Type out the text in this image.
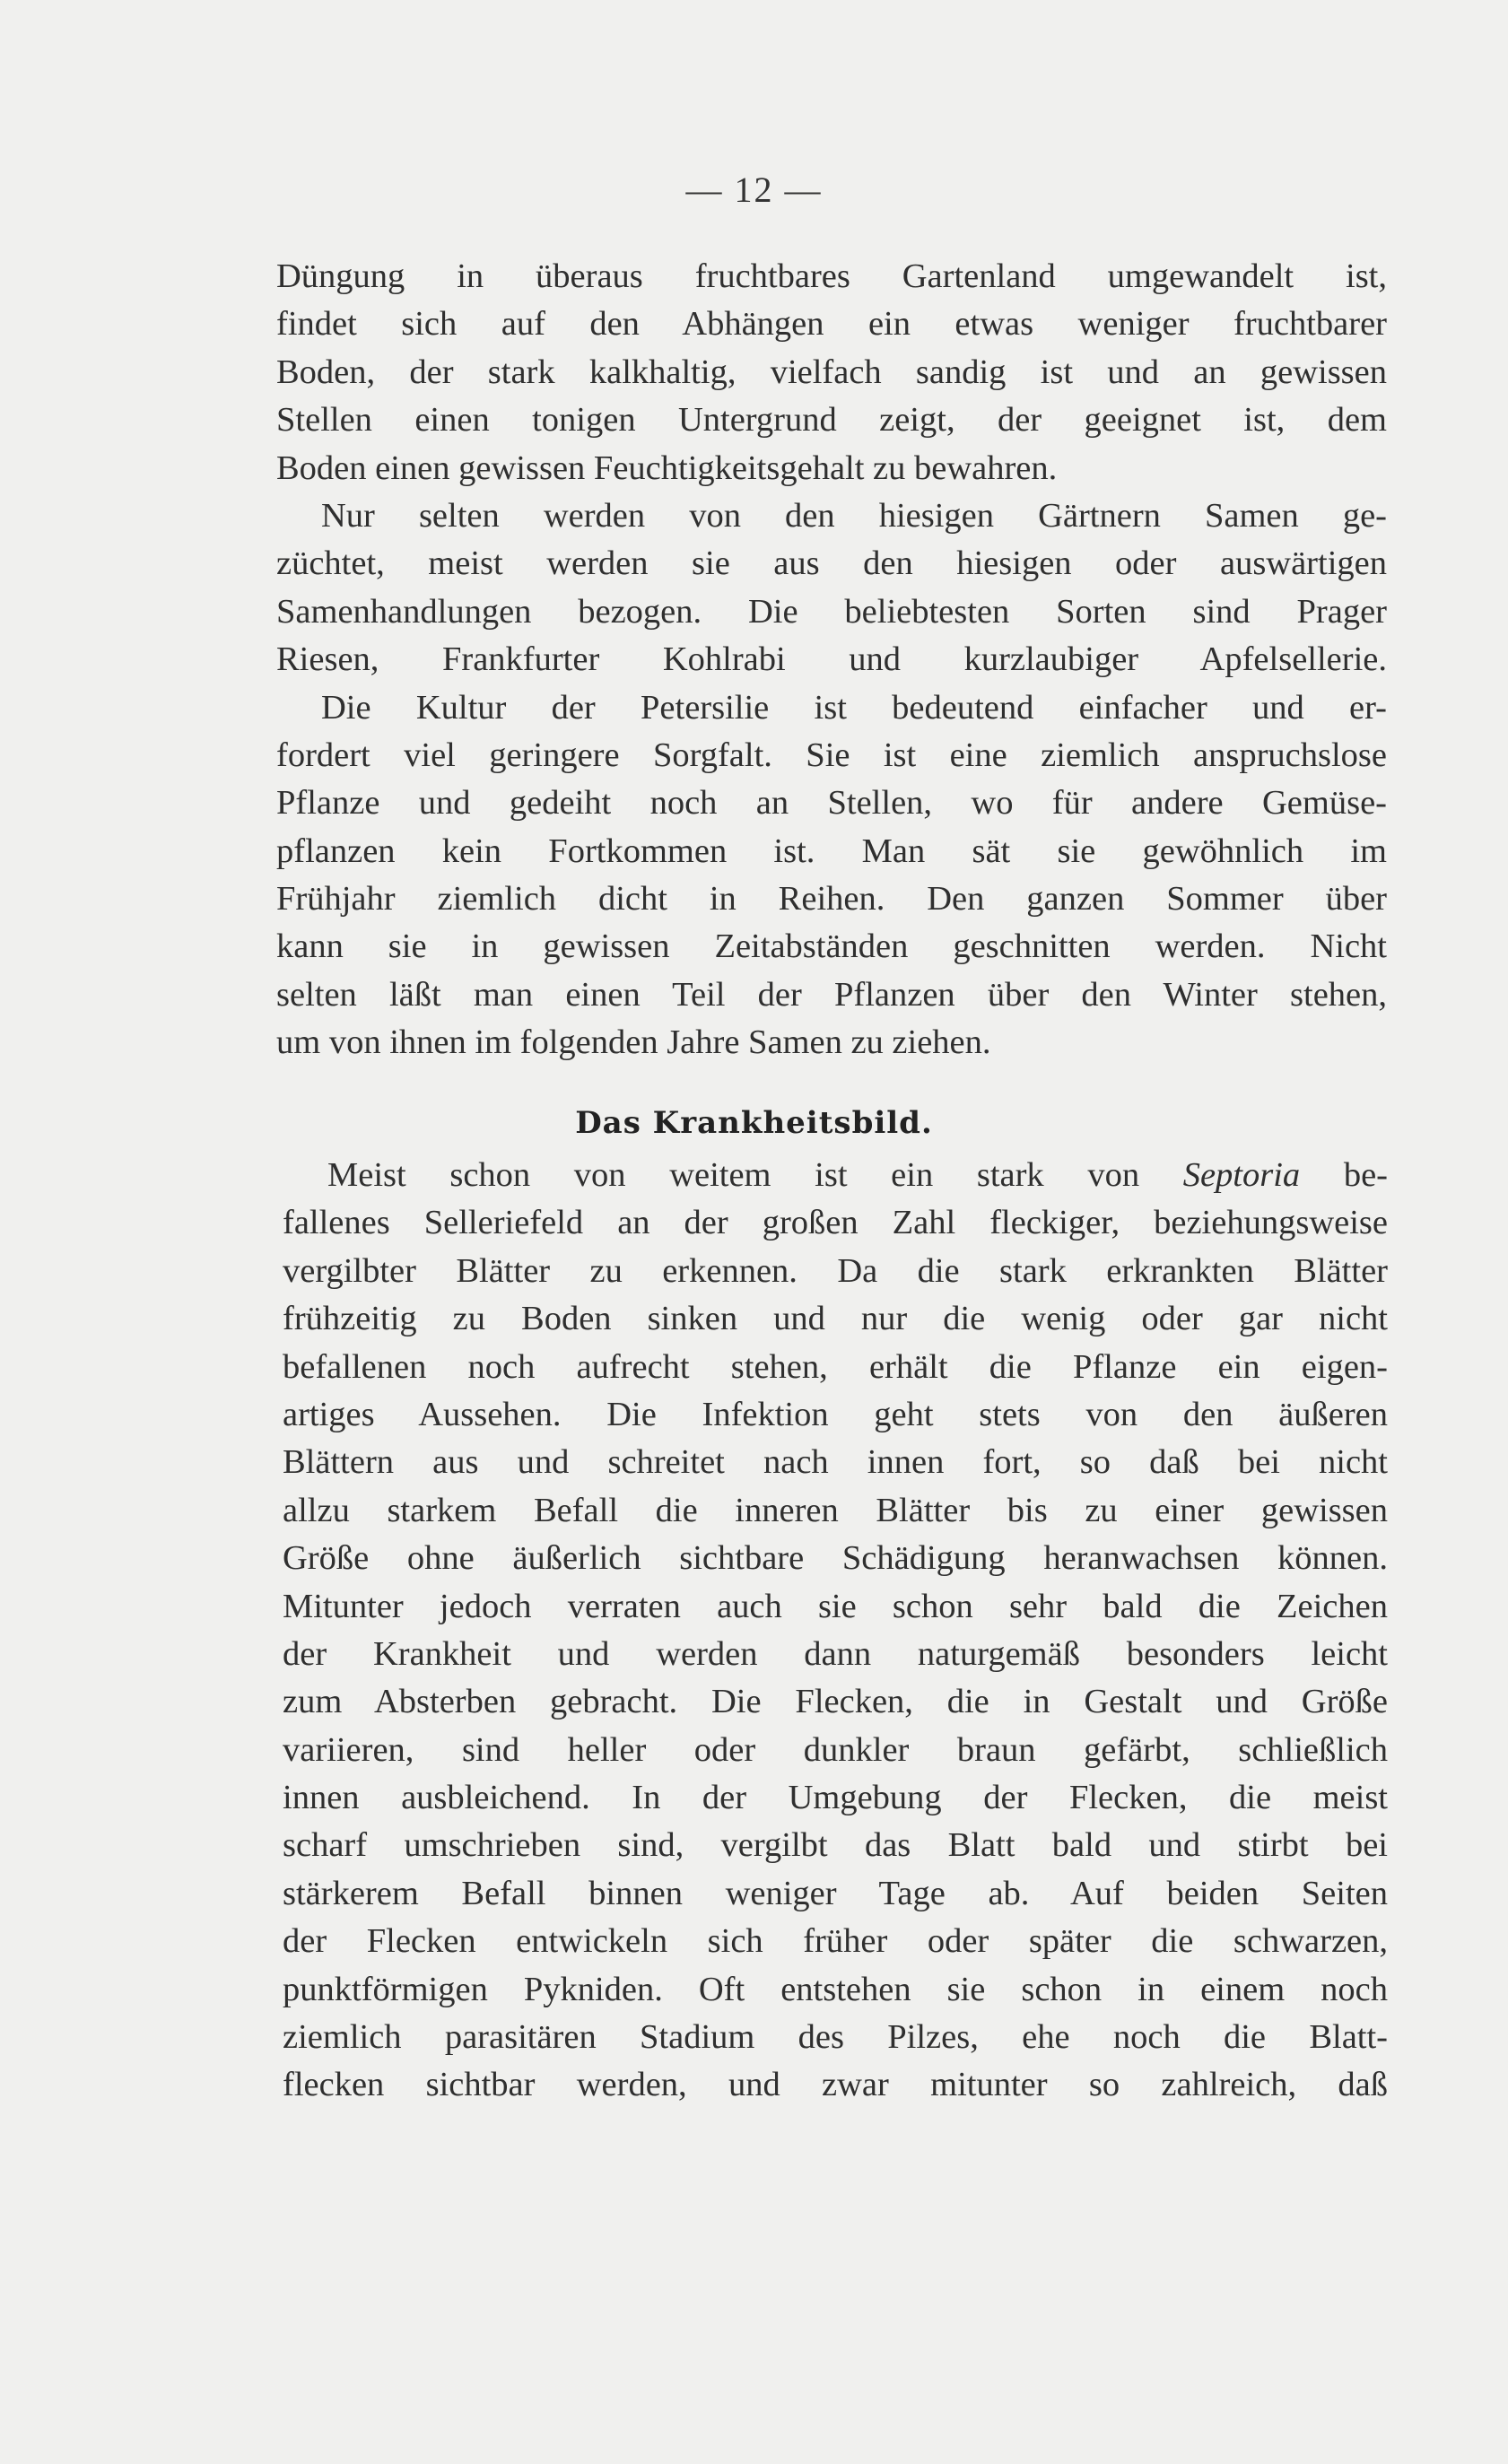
— 12 —
Düngung in überaus fruchtbares Gartenland umgewandelt ist,
findet sich auf den Abhängen ein etwas weniger fruchtbarer
Boden, der stark kalkhaltig, vielfach sandig ist und an gewissen
Stellen einen tonigen Untergrund zeigt, der geeignet ist, dem
Boden einen gewissen Feuchtigkeitsgehalt zu bewahren.
Nur selten werden von den hiesigen Gärtnern Samen ge-
züchtet, meist werden sie aus den hiesigen oder auswärtigen
Samenhandlungen bezogen. Die beliebtesten Sorten sind Prager
Riesen, Frankfurter Kohlrabi und kurzlaubiger Apfelsellerie.
Die Kultur der Petersilie ist bedeutend einfacher und er-
fordert viel geringere Sorgfalt. Sie ist eine ziemlich anspruchslose
Pflanze und gedeiht noch an Stellen, wo für andere Gemüse-
pflanzen kein Fortkommen ist. Man sät sie gewöhnlich im
Frühjahr ziemlich dicht in Reihen. Den ganzen Sommer über
kann sie in gewissen Zeitabständen geschnitten werden. Nicht
selten läßt man einen Teil der Pflanzen über den Winter stehen,
um von ihnen im folgenden Jahre Samen zu ziehen.
Das Krankheitsbild.
Meist schon von weitem ist ein stark von Septoria be-
fallenes Selleriefeld an der großen Zahl fleckiger, beziehungsweise
vergilbter Blätter zu erkennen. Da die stark erkrankten Blätter
frühzeitig zu Boden sinken und nur die wenig oder gar nicht
befallenen noch aufrecht stehen, erhält die Pflanze ein eigen-
artiges Aussehen. Die Infektion geht stets von den äußeren
Blättern aus und schreitet nach innen fort, so daß bei nicht
allzu starkem Befall die inneren Blätter bis zu einer gewissen
Größe ohne äußerlich sichtbare Schädigung heranwachsen können.
Mitunter jedoch verraten auch sie schon sehr bald die Zeichen
der Krankheit und werden dann naturgemäß besonders leicht
zum Absterben gebracht. Die Flecken, die in Gestalt und Größe
variieren, sind heller oder dunkler braun gefärbt, schließlich
innen ausbleichend. In der Umgebung der Flecken, die meist
scharf umschrieben sind, vergilbt das Blatt bald und stirbt bei
stärkerem Befall binnen weniger Tage ab. Auf beiden Seiten
der Flecken entwickeln sich früher oder später die schwarzen,
punktförmigen Pykniden. Oft entstehen sie schon in einem noch
ziemlich parasitären Stadium des Pilzes, ehe noch die Blatt-
flecken sichtbar werden, und zwar mitunter so zahlreich, daß
